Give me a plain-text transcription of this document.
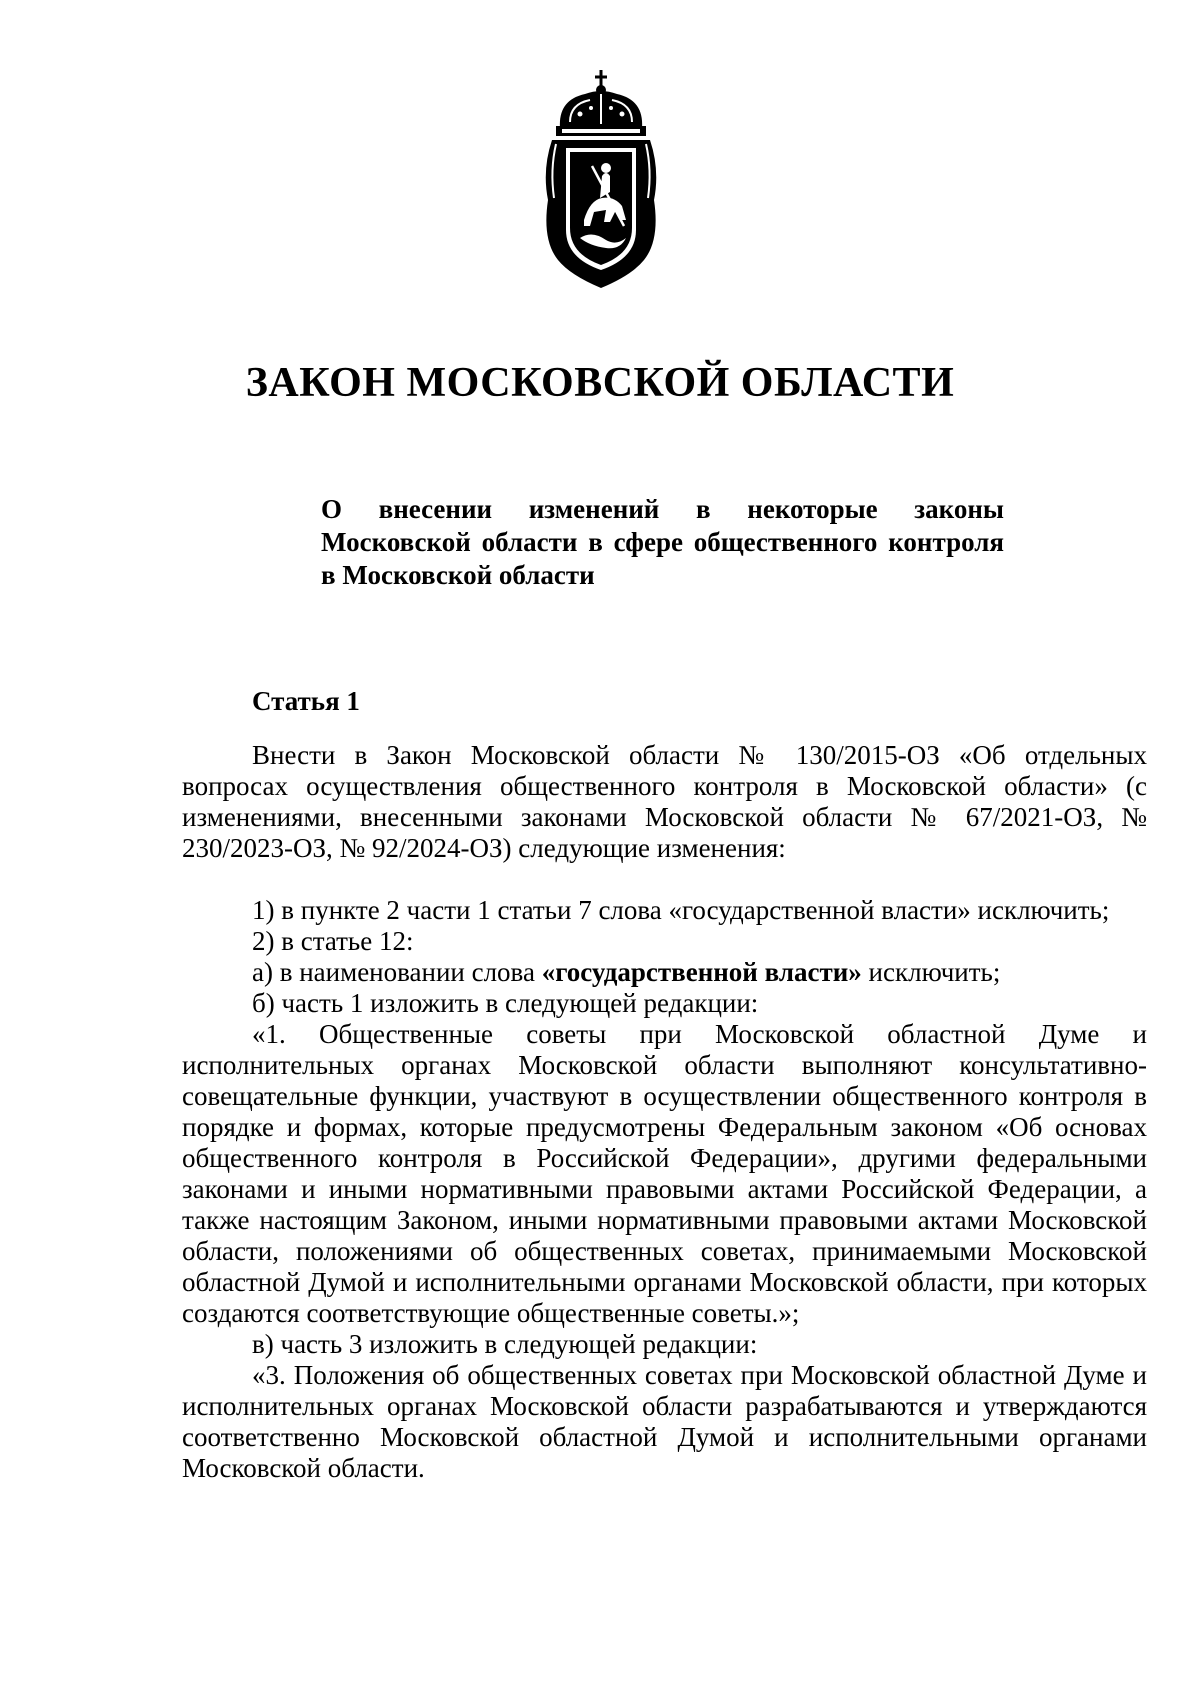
ЗАКОН МОСКОВСКОЙ ОБЛАСТИ
О внесении изменений в некоторые законы Московской области в сфере общественного контроля в Московской области
Статья 1

Внести в Закон Московской области № 130/2015-ОЗ «Об отдельных вопросах осуществления общественного контроля в Московской области» (с изменениями, внесенными законами Московской области № 67/2021-ОЗ, № 230/2023-ОЗ, № 92/2024-ОЗ) следующие изменения:

1) в пункте 2 части 1 статьи 7 слова «государственной власти» исключить;

2) в статье 12:

а) в наименовании слова «государственной власти» исключить;

б) часть 1 изложить в следующей редакции:

«1. Общественные советы при Московской областной Думе и исполнительных органах Московской области выполняют консультативно-совещательные функции, участвуют в осуществлении общественного контроля в порядке и формах, которые предусмотрены Федеральным законом «Об основах общественного контроля в Российской Федерации», другими федеральными законами и иными нормативными правовыми актами Российской Федерации, а также настоящим Законом, иными нормативными правовыми актами Московской области, положениями об общественных советах, принимаемыми Московской областной Думой и исполнительными органами Московской области, при которых создаются соответствующие общественные советы.»;

в) часть 3 изложить в следующей редакции:

«3. Положения об общественных советах при Московской областной Думе и исполнительных органах Московской области разрабатываются и утверждаются соответственно Московской областной Думой и исполнительными органами Московской области.
